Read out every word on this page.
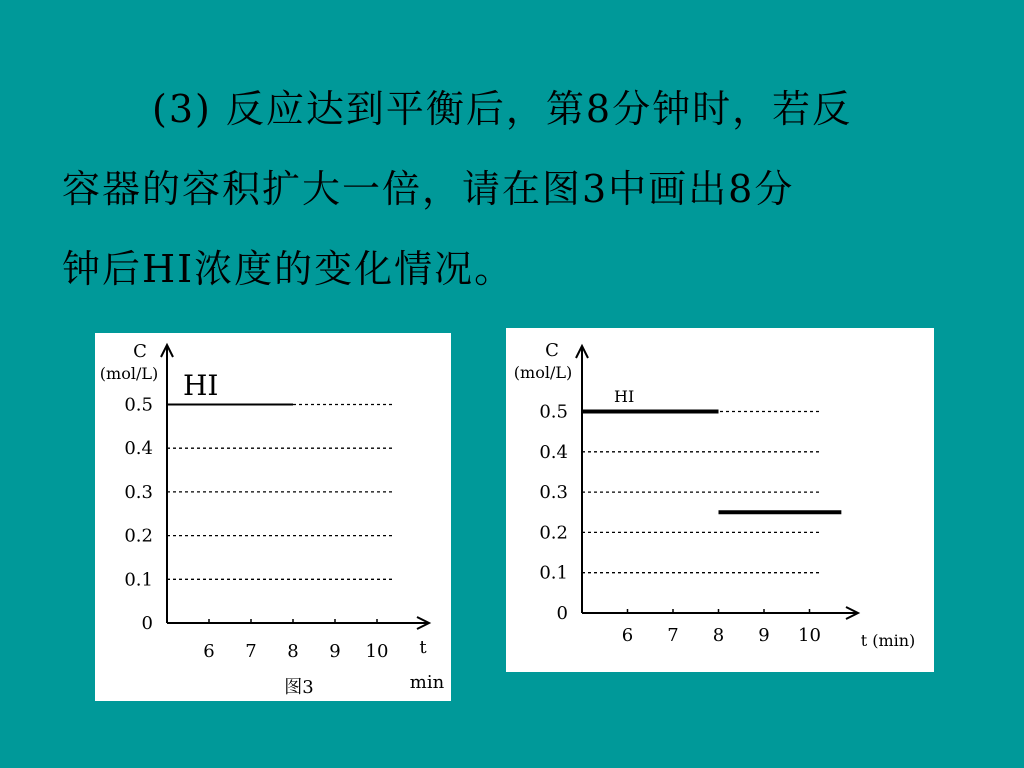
(3) 反应达到平衡后，第8分钟时，若反
容器的容积扩大一倍，请在图3中画出8分
钟后HI浓度的变化情况。
0
0.1
0.2
0.3
0.4
0.5
6 7 8 9 10
C
(mol/L) HI
t
min
图3
0
0.1
0.2
0.3
0.4
0.5
6 7 8 9 10
C
(mol/L)
HI
t (min)
